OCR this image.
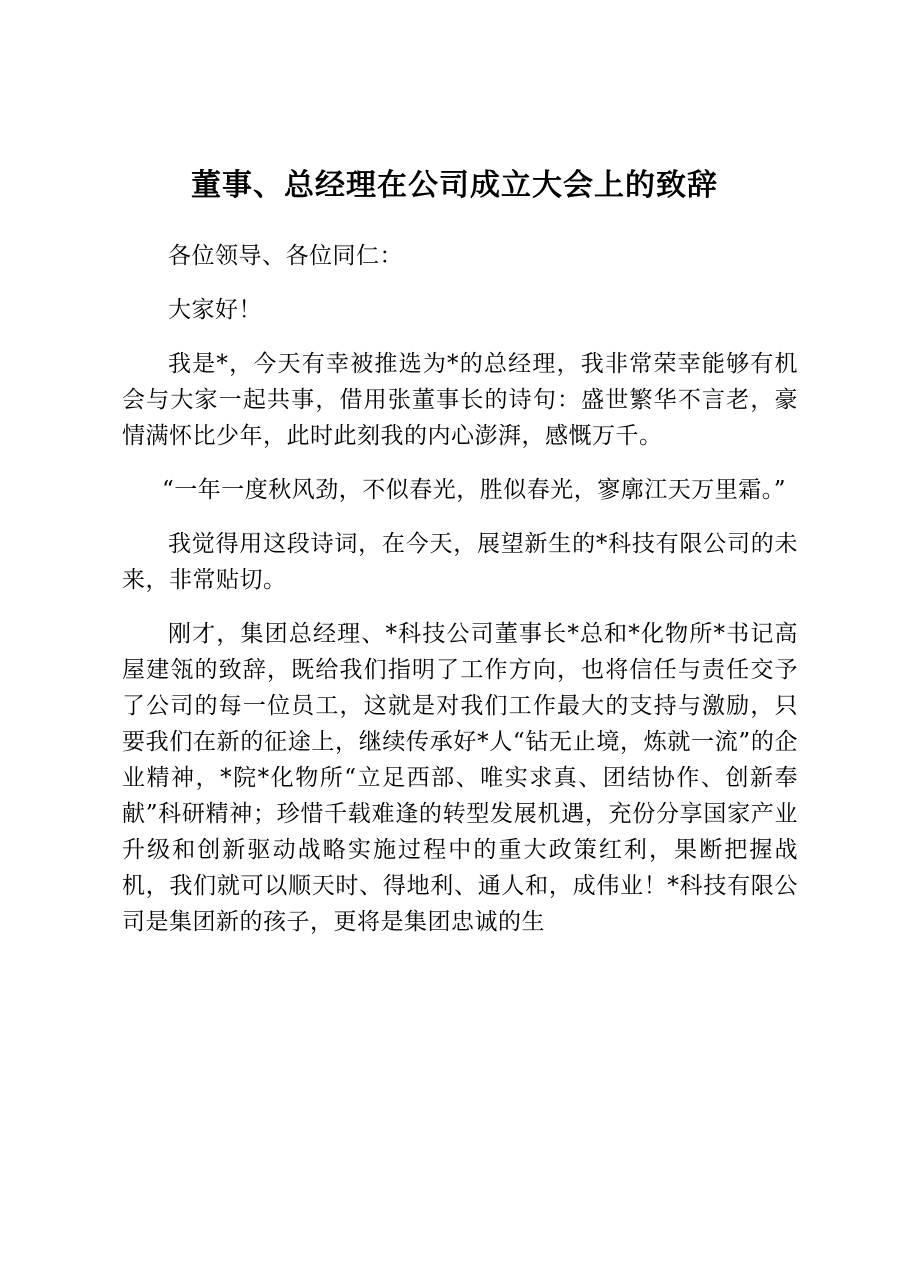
董事、总经理在公司成立大会上的致辞

各位领导、各位同仁：

大家好！

我是*，今天有幸被推选为*的总经理，我非常荣幸能够有机会与大家一起共事，借用张董事长的诗句：盛世繁华不言老，豪情满怀比少年，此时此刻我的内心澎湃，感慨万千。

“一年一度秋风劲，不似春光，胜似春光，寥廓江天万里霜。”

我觉得用这段诗词，在今天，展望新生的*科技有限公司的未来，非常贴切。

刚才，集团总经理、*科技公司董事长*总和*化物所*书记高屋建瓴的致辞，既给我们指明了工作方向，也将信任与责任交予了公司的每一位员工，这就是对我们工作最大的支持与激励，只要我们在新的征途上，继续传承好*人“钻无止境，炼就一流”的企业精神，*院*化物所“立足西部、唯实求真、团结协作、创新奉献”科研精神；珍惜千载难逢的转型发展机遇，充份分享国家产业升级和创新驱动战略实施过程中的重大政策红利，果断把握战机，我们就可以顺天时、得地利、通人和，成伟业！*科技有限公司是集团新的孩子，更将是集团忠诚的生
